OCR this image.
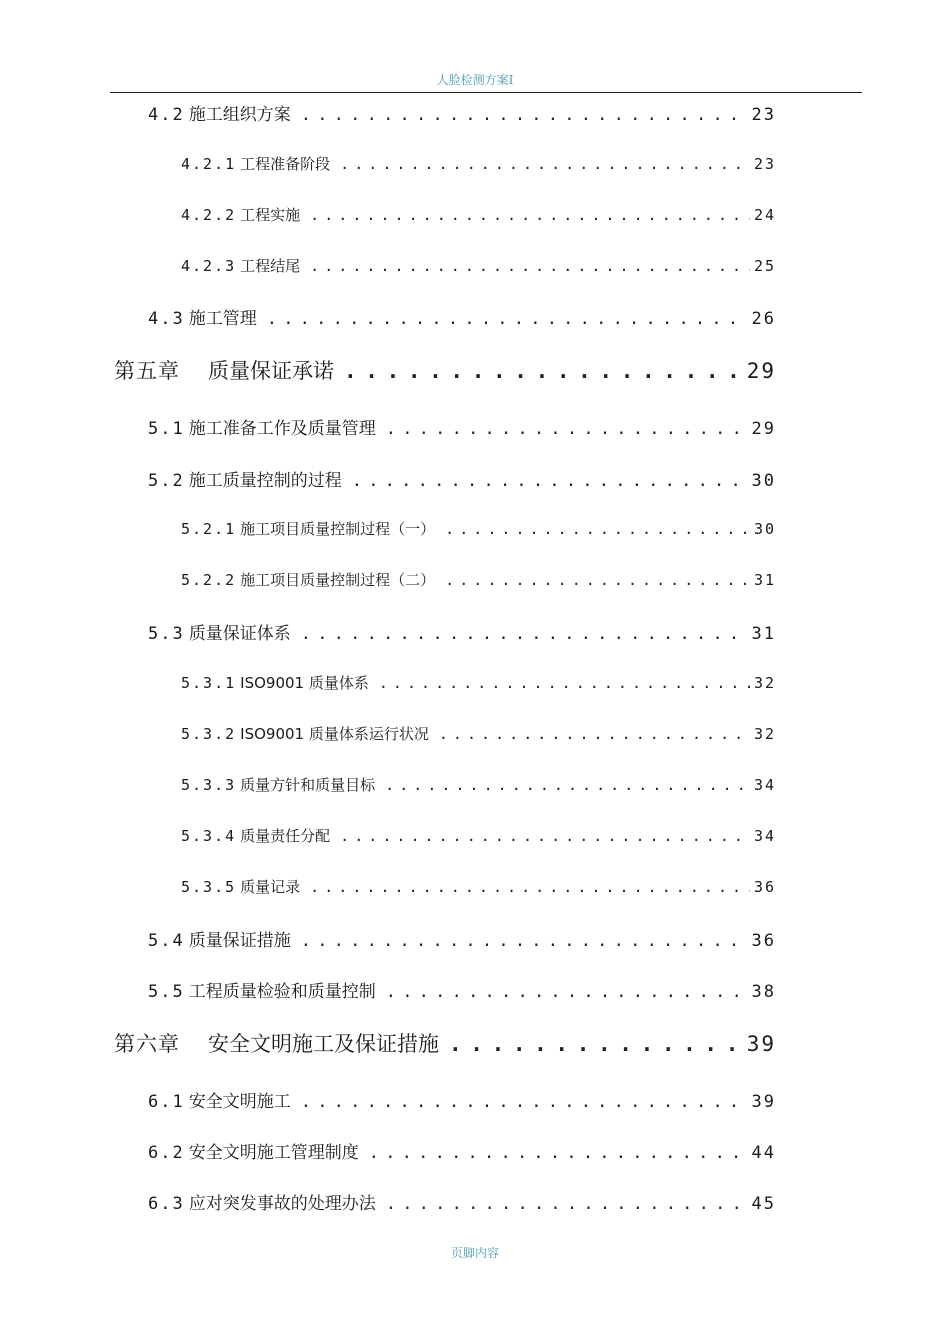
人脸检测方案I
4.2 施工组织方案 . . .	23
4.2.1 工程准备阶段 . . .	23
4.2.2 工程实施 . . .	24
4.2.3 工程结尾 . . .	25
4.3 施工管理 . . .	26
第五章 质量保证承诺 . . .	29
5.1 施工准备工作及质量管理 . . .	29
5.2 施工质量控制的过程 . . .	30
5.2.1 施工项目质量控制过程（一） . . .	30
5.2.2 施工项目质量控制过程（二） . . .	31
5.3 质量保证体系 . . .	31
5.3.1 ISO9001 质量体系 . . .	32
5.3.2 ISO9001 质量体系运行状况 . . .	32
5.3.3 质量方针和质量目标 . . .	34
5.3.4 质量责任分配 . . .	34
5.3.5 质量记录 . . .	36
5.4 质量保证措施 . . .	36
5.5 工程质量检验和质量控制 . . .	38
第六章 安全文明施工及保证措施 . . .	39
6.1 安全文明施工 . . .	39
6.2 安全文明施工管理制度 . . .	44
6.3 应对突发事故的处理办法 . . .	45
页脚内容
